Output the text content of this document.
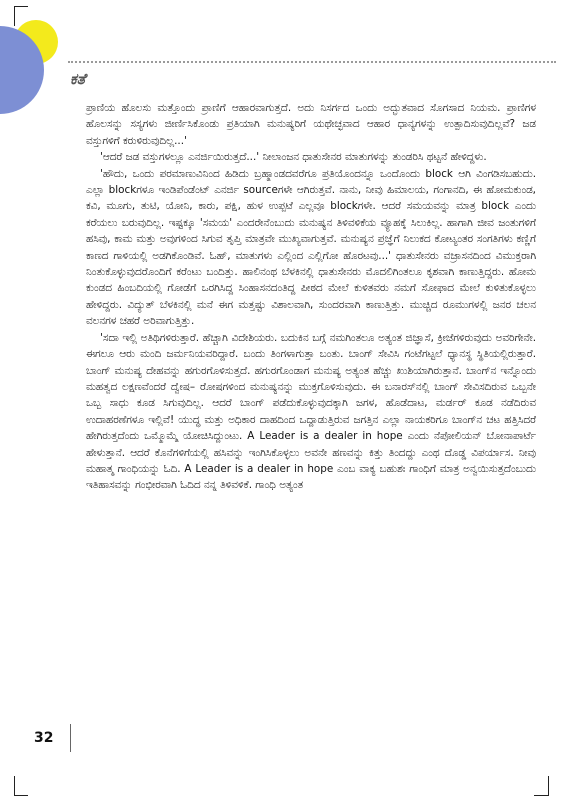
ಕತೆ

ಪ್ರಾಣಿಯ ಹೊಲಸು ಮತ್ತೊಂದು ಪ್ರಾಣಿಗೆ ಆಹಾರವಾಗುತ್ತದೆ. ಅದು ನಿಸರ್ಗದ ಒಂದು ಅದ್ಭುತವಾದ ಸೊಗಸಾದ ನಿಯಮ. ಪ್ರಾಣಿಗಳ ಹೊಲಸನ್ನು ಸಸ್ಯಗಳು ಜೀರ್ಣಿಸಿಕೊಂಡು ಪ್ರತಿಯಾಗಿ ಮನುಷ್ಯರಿಗೆ ಯಥೇಚ್ಛವಾದ ಆಹಾರ ಧಾನ್ಯಗಳನ್ನು ಉತ್ಪಾದಿಸುವುದಿಲ್ಲವೆ? ಜಡ ವಸ್ತುಗಳಿಗೆ ಕರುಳಿರುವುದಿಲ್ಲ...'

'ಆದರೆ ಜಡ ವಸ್ತುಗಳಲ್ಲೂ ಎನರ್ಜಿಯಿರುತ್ತದೆ...' ನೀಲಾಂಜನ ಧಾತುಸೇನರ ಮಾತುಗಳನ್ನು ತುಂಡರಿಸಿ ಥಟ್ಟನೆ ಹೇಳಿದ್ದಳು.

'ಹೌದು, ಒಂದು ಪರಮಾಣುವಿನಿಂದ ಹಿಡಿದು ಬ್ರಹ್ಮಾಂಡದವರೆಗೂ ಪ್ರತಿಯೊಂದನ್ನೂ ಒಂದೊಂದು block ಆಗಿ ವಿಂಗಡಿಸಬಹುದು. ಎಲ್ಲಾ blockಗಳೂ ಇಂಡಿಪೆಂಡೆಂಟ್ ಎನರ್ಜಿ sourceಗಳೇ ಆಗಿರುತ್ತವೆ. ನಾನು, ನೀವು ಹಿಮಾಲಯ, ಗಂಗಾನದಿ, ಈ ಹೋಮಕುಂಡ, ಕವಿ, ಮೂಗು, ತುಟಿ, ಯೋನಿ, ಕಾರು, ಪಕ್ಷಿ, ಹುಳ ಉಪ್ಪಟೆ ಎಲ್ಲವೂ blockಗಳೇ. ಆದರೆ ಸಮಯವನ್ನು ಮಾತ್ರ block ಎಂದು ಕರೆಯಲು ಬರುವುದಿಲ್ಲ. ಇಷ್ಟಕ್ಕೂ 'ಸಮಯ' ಎಂದರೇನೆಂಬುದು ಮನುಷ್ಯನ ತಿಳಿವಳಿಕೆಯ ವ್ಯೂಹಕ್ಕೆ ಸಿಲುಕಿಲ್ಲ. ಹಾಗಾಗಿ ಜೀವ ಜಂತುಗಳಿಗೆ ಹಸಿವು, ಕಾಮ ಮತ್ತು ಅವುಗಳಿಂದ ಸಿಗುವ ತೃಪ್ತಿ ಮಾತ್ರವೇ ಮುಖ್ಯವಾಗುತ್ತವೆ. ಮನುಷ್ಯನ ಪ್ರಜ್ಞೆಗೆ ನಿಲುಕದ ಕೋಟ್ಯಂತರ ಸಂಗತಿಗಳು ಕಣ್ಣಿಗೆ ಕಾಣದ ಗಾಳಿಯಲ್ಲಿ ಅಡಗಿಕೊಂಡಿವೆ. ಓಹ್, ಮಾತುಗಳು ಎಲ್ಲಿಂದ ಎಲ್ಲಿಗೋ ಹೊರಟವು...' ಧಾತುಸೇನರು ವಜ್ರಾಸನದಿಂದ ವಿಮುಕ್ತರಾಗಿ ನಿಂತುಕೊಳ್ಳುವುದರೊಂದಿಗೆ ಕರೆಂಟು ಬಂದಿತ್ತು. ಹಾಲಿನಂಥ ಬೆಳಕಿನಲ್ಲಿ ಧಾತುಸೇನರು ಮೊದಲಿಗಿಂತಲೂ ಕೃಶವಾಗಿ ಕಾಣುತ್ತಿದ್ದರು. ಹೋಮ ಕುಂಡದ ಹಿಂಬದಿಯಲ್ಲಿ ಗೋಡೆಗೆ ಒರಗಿಸಿದ್ದ ಸಿಂಹಾಸನದಂತಿದ್ದ ಪೀಠದ ಮೇಲೆ ಕುಳಿತವರು ನಮಗೆ ಸೋಫಾದ ಮೇಲೆ ಕುಳಿತುಕೊಳ್ಳಲು ಹೇಳಿದ್ದರು. ವಿದ್ಯುತ್ ಬೆಳಕಿನಲ್ಲಿ ಮನೆ ಈಗ ಮತ್ತಷ್ಟು ವಿಶಾಲವಾಗಿ, ಸುಂದರವಾಗಿ ಕಾಣುತ್ತಿತ್ತು. ಮುಚ್ಚಿದ ರೂಮುಗಳಲ್ಲಿ ಜನರ ಚಲನ ವಲನಗಳ ಚಹರೆ ಅರಿವಾಗುತ್ತಿತ್ತು.

'ಸದಾ ಇಲ್ಲಿ ಅತಿಥಿಗಳಿರುತ್ತಾರೆ. ಹೆಚ್ಚಾಗಿ ವಿದೇಶಿಯರು. ಬದುಕಿನ ಬಗ್ಗೆ ನಮಗಿಂತಲೂ ಅತ್ಯಂತ ಜಿಜ್ಞಾಸೆ, ಕ್ರೀಜೆಗಳಿರುವುದು ಅವರಿಗೇನೇ. ಈಗಲೂ ಆರು ಮಂದಿ ಜರ್ಮನಿಯವರಿದ್ದಾರೆ. ಬಂದು ತಿಂಗಳಾಗುತ್ತಾ ಬಂತು. ಬಾಂಗ್ ಸೇವಿಸಿ ಗಂಟೆಗಟ್ಟಲೆ ಧ್ಯಾನಸ್ಥ ಸ್ಥಿತಿಯಲ್ಲಿರುತ್ತಾರೆ. ಬಾಂಗ್ ಮನುಷ್ಯ ದೇಹವನ್ನು ಹಗುರಗೊಳಿಸುತ್ತದೆ. ಹಗುರಗೊಂಡಾಗ ಮನುಷ್ಯ ಅತ್ಯಂತ ಹೆಚ್ಚು ಖುಶಿಯಾಗಿರುತ್ತಾನೆ. ಬಾಂಗ್‌ನ ಇನ್ನೊಂದು ಮಹತ್ವದ ಲಕ್ಷಣವೆಂದರೆ ದ್ವೇಷ– ರೋಷಗಳಿಂದ ಮನುಷ್ಯನನ್ನು ಮುಕ್ತಗೊಳಿಸುವುದು. ಈ ಬನಾರಸ್‌ನಲ್ಲಿ ಬಾಂಗ್ ಸೇವಿಸದಿರುವ ಒಬ್ಬನೇ ಒಬ್ಬ ಸಾಧು ಕೂಡ ಸಿಗುವುದಿಲ್ಲ. ಆದರೆ ಬಾಂಗ್ ಪಡೆದುಕೊಳ್ಳುವುದಕ್ಕಾಗಿ ಜಗಳ, ಹೊಡೆದಾಟ, ಮರ್ಡರ್ ಕೂಡ ನಡೆದಿರುವ ಉದಾಹರಣೆಗಳೂ ಇಲ್ಲಿವೆ! ಯುದ್ಧ ಮತ್ತು ಅಧಿಕಾರ ದಾಹದಿಂದ ಒದ್ದಾಡುತ್ತಿರುವ ಜಗತ್ತಿನ ಎಲ್ಲಾ ನಾಯಕರಿಗೂ ಬಾಂಗ್‌ನ ಚಟ ಹತ್ತಿಸಿದರೆ ಹೇಗಿರುತ್ತದೆಂದು ಒಮ್ಮೊಮ್ಮೆ ಯೋಚಿಸಿದ್ದುಂಟು. A Leader is a dealer in hope ಎಂದು ನೆಪೋಲಿಯನ್ ಬೋನಾಪಾರ್ಟೆ ಹೇಳುತ್ತಾನೆ. ಆದರೆ ಕೊನೆಗಳಿಗೆಯಲ್ಲಿ ಹಸಿವನ್ನು ಇಂಗಿಸಿಕೊಳ್ಳಲು ಅವನೇ ಹಣವನ್ನು ಕಿತ್ತು ತಿಂದದ್ದು ಎಂಥ ದೊಡ್ಡ ವಿಪರ್ಯಾಸ. ನೀವು ಮಹಾತ್ಮ ಗಾಂಧಿಯನ್ನು ಓದಿ. A Leader is a dealer in hope ಎಂಬ ವಾಕ್ಯ ಬಹುಶಃ ಗಾಂಧಿಗೆ ಮಾತ್ರ ಅನ್ವಯಿಸುತ್ತದೆಂಬುದು ಇತಿಹಾಸವನ್ನು ಗಂಭೀರವಾಗಿ ಓದಿದ ನನ್ನ ತಿಳಿವಳಿಕೆ. ಗಾಂಧಿ ಅತ್ಯಂತ

32
